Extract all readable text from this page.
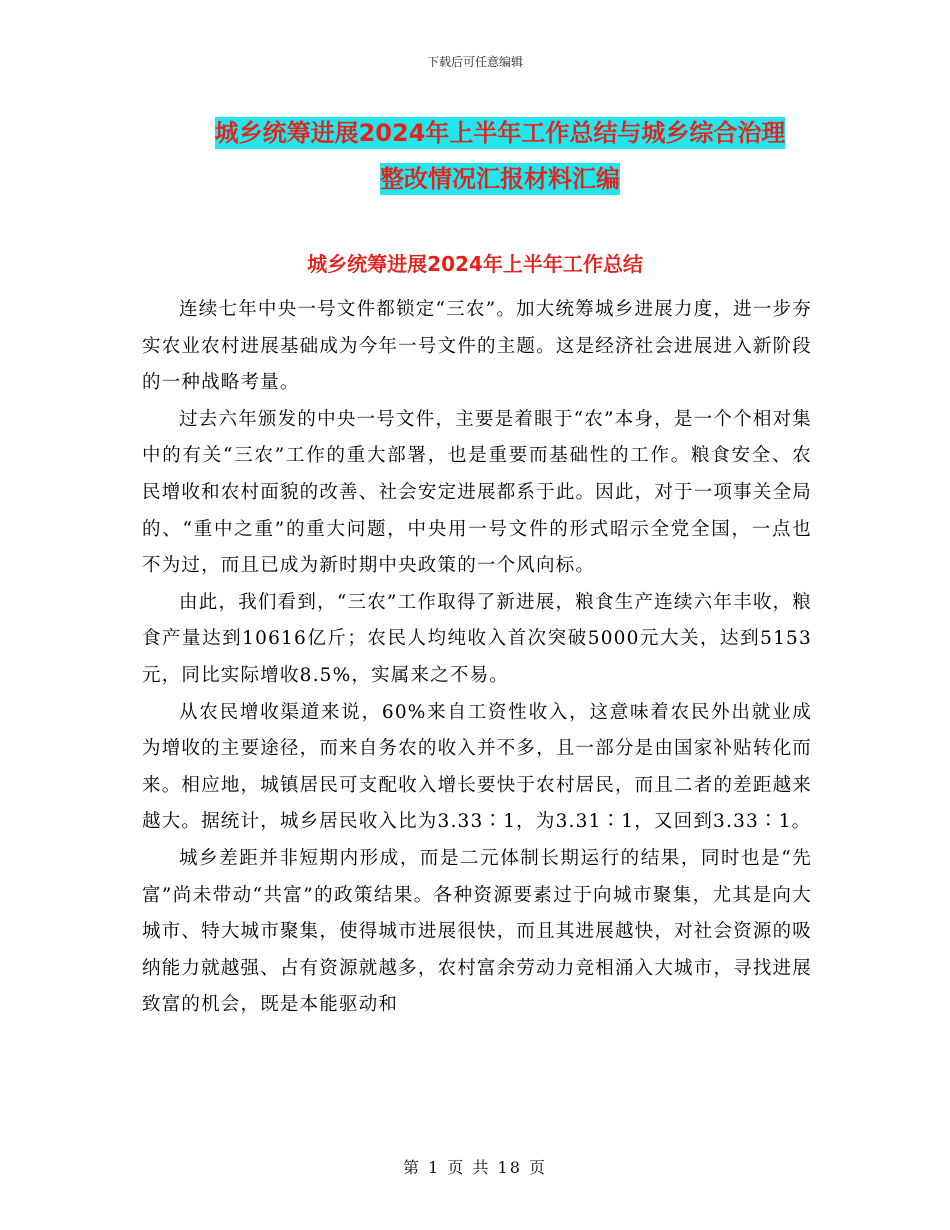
下载后可任意编辑
城乡统筹进展2024年上半年工作总结与城乡综合治理
整改情况汇报材料汇编
城乡统筹进展2024年上半年工作总结

连续七年中央一号文件都锁定“三农”。加大统筹城乡进展力度，进一步夯实农业农村进展基础成为今年一号文件的主题。这是经济社会进展进入新阶段的一种战略考量。

过去六年颁发的中央一号文件，主要是着眼于“农”本身，是一个个相对集中的有关“三农”工作的重大部署，也是重要而基础性的工作。粮食安全、农民增收和农村面貌的改善、社会安定进展都系于此。因此，对于一项事关全局的、“重中之重”的重大问题，中央用一号文件的形式昭示全党全国，一点也不为过，而且已成为新时期中央政策的一个风向标。

由此，我们看到，“三农”工作取得了新进展，粮食生产连续六年丰收，粮食产量达到10616亿斤；农民人均纯收入首次突破5000元大关，达到5153元，同比实际增收8.5%，实属来之不易。

从农民增收渠道来说，60%来自工资性收入，这意味着农民外出就业成为增收的主要途径，而来自务农的收入并不多，且一部分是由国家补贴转化而来。相应地，城镇居民可支配收入增长要快于农村居民，而且二者的差距越来越大。据统计，城乡居民收入比为3.33∶1，为3.31∶1，又回到3.33∶1。

城乡差距并非短期内形成，而是二元体制长期运行的结果，同时也是“先富”尚未带动“共富”的政策结果。各种资源要素过于向城市聚集，尤其是向大城市、特大城市聚集，使得城市进展很快，而且其进展越快，对社会资源的吸纳能力就越强、占有资源就越多，农村富余劳动力竞相涌入大城市，寻找进展致富的机会，既是本能驱动和

第 1 页 共 18 页
